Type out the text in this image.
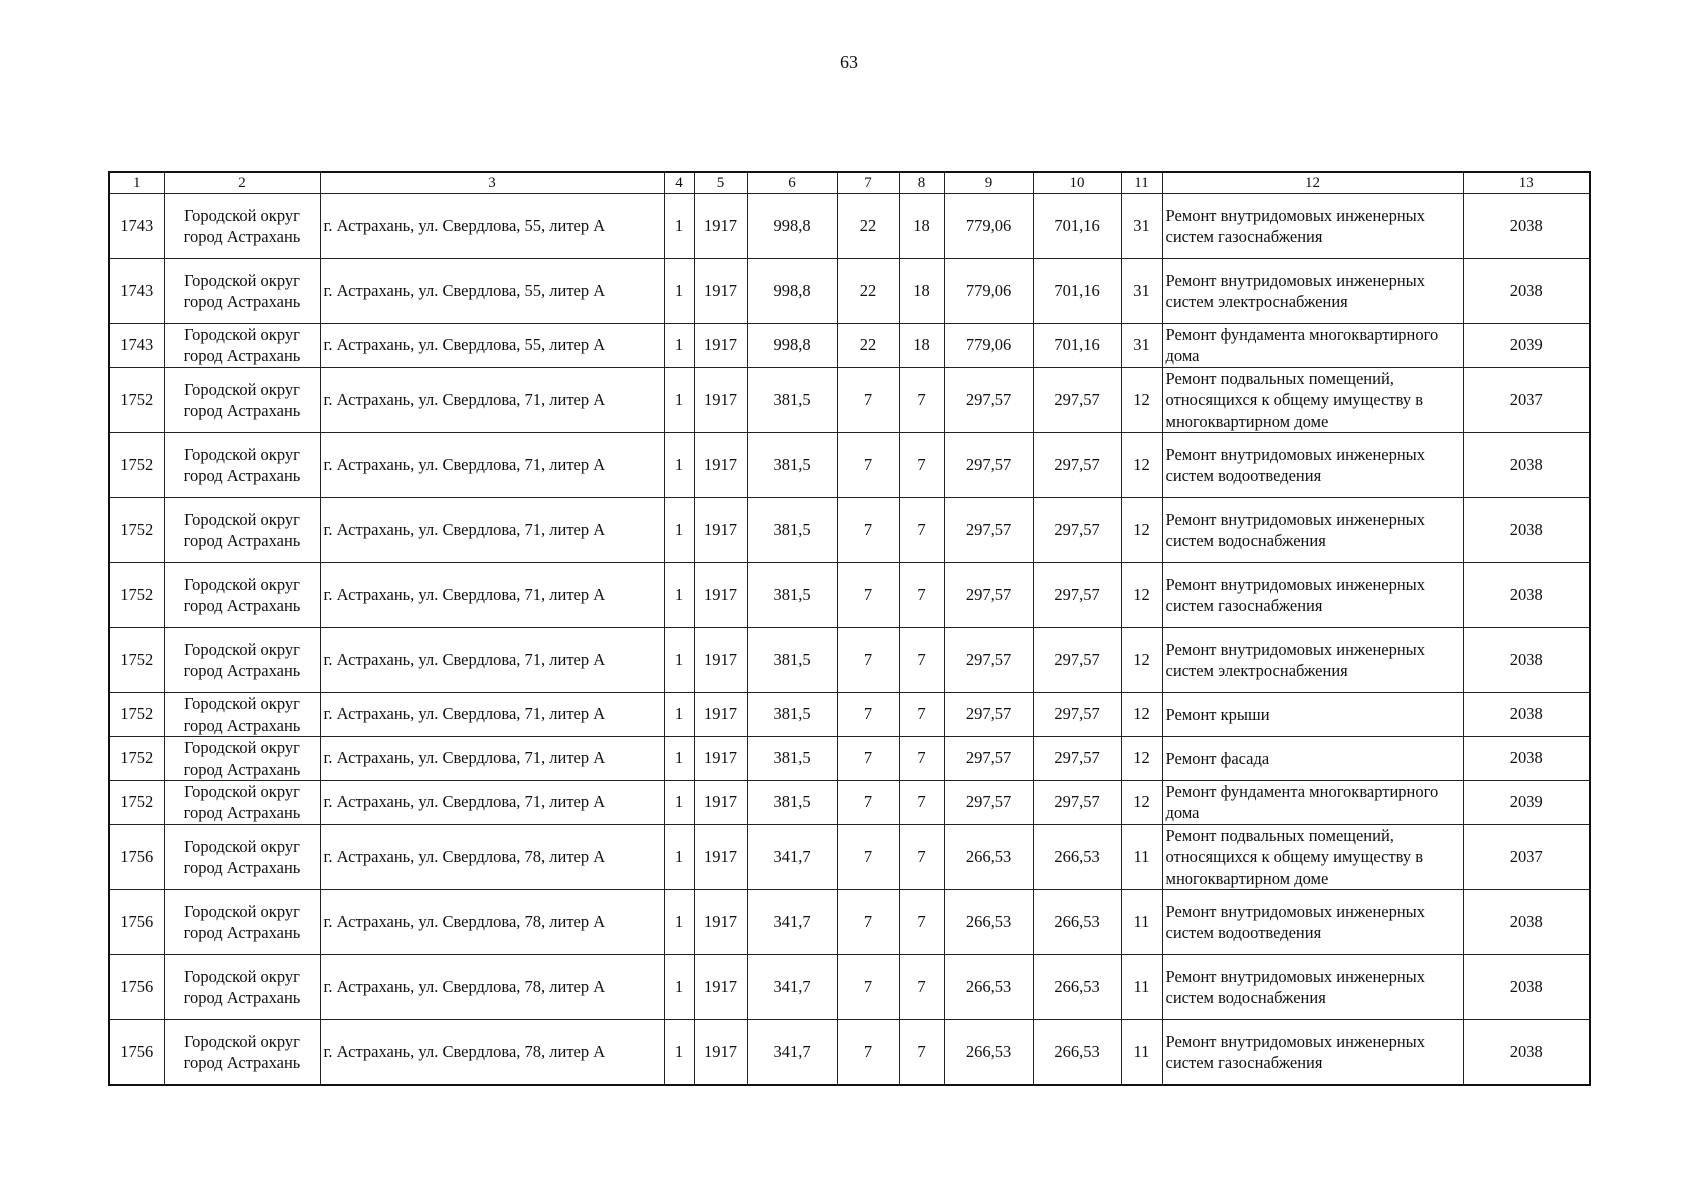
63
1	2	3	4	5	6	7	8	9	10	11	12	13
1743	Городской округ город Астрахань	г. Астрахань, ул. Свердлова, 55, литер А	1	1917	998,8	22	18	779,06	701,16	31	Ремонт внутридомовых инженерных систем газоснабжения	2038
1743	Городской округ город Астрахань	г. Астрахань, ул. Свердлова, 55, литер А	1	1917	998,8	22	18	779,06	701,16	31	Ремонт внутридомовых инженерных систем электроснабжения	2038
1743	Городской округ город Астрахань	г. Астрахань, ул. Свердлова, 55, литер А	1	1917	998,8	22	18	779,06	701,16	31	Ремонт фундамента многоквартирного дома	2039
1752	Городской округ город Астрахань	г. Астрахань, ул. Свердлова, 71, литер А	1	1917	381,5	7	7	297,57	297,57	12	Ремонт подвальных помещений, относящихся к общему имуществу в многоквартирном доме	2037
1752	Городской округ город Астрахань	г. Астрахань, ул. Свердлова, 71, литер А	1	1917	381,5	7	7	297,57	297,57	12	Ремонт внутридомовых инженерных систем водоотведения	2038
1752	Городской округ город Астрахань	г. Астрахань, ул. Свердлова, 71, литер А	1	1917	381,5	7	7	297,57	297,57	12	Ремонт внутридомовых инженерных систем водоснабжения	2038
1752	Городской округ город Астрахань	г. Астрахань, ул. Свердлова, 71, литер А	1	1917	381,5	7	7	297,57	297,57	12	Ремонт внутридомовых инженерных систем газоснабжения	2038
1752	Городской округ город Астрахань	г. Астрахань, ул. Свердлова, 71, литер А	1	1917	381,5	7	7	297,57	297,57	12	Ремонт внутридомовых инженерных систем электроснабжения	2038
1752	Городской округ город Астрахань	г. Астрахань, ул. Свердлова, 71, литер А	1	1917	381,5	7	7	297,57	297,57	12	Ремонт крыши	2038
1752	Городской округ город Астрахань	г. Астрахань, ул. Свердлова, 71, литер А	1	1917	381,5	7	7	297,57	297,57	12	Ремонт фасада	2038
1752	Городской округ город Астрахань	г. Астрахань, ул. Свердлова, 71, литер А	1	1917	381,5	7	7	297,57	297,57	12	Ремонт фундамента многоквартирного дома	2039
1756	Городской округ город Астрахань	г. Астрахань, ул. Свердлова, 78, литер А	1	1917	341,7	7	7	266,53	266,53	11	Ремонт подвальных помещений, относящихся к общему имуществу в многоквартирном доме	2037
1756	Городской округ город Астрахань	г. Астрахань, ул. Свердлова, 78, литер А	1	1917	341,7	7	7	266,53	266,53	11	Ремонт внутридомовых инженерных систем водоотведения	2038
1756	Городской округ город Астрахань	г. Астрахань, ул. Свердлова, 78, литер А	1	1917	341,7	7	7	266,53	266,53	11	Ремонт внутридомовых инженерных систем водоснабжения	2038
1756	Городской округ город Астрахань	г. Астрахань, ул. Свердлова, 78, литер А	1	1917	341,7	7	7	266,53	266,53	11	Ремонт внутридомовых инженерных систем газоснабжения	2038
